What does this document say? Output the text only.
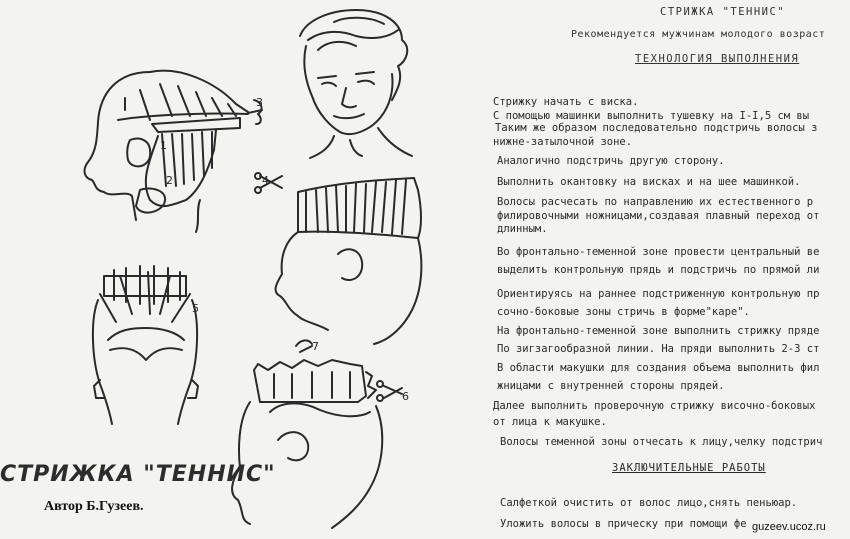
1
2
3
4
5
6
7
СТРИЖКА "ТЕННИС"
Автор Б.Гузеев.
СТРИЖКА "ТЕННИС"
Рекомендуется мужчинам молодого возраст
ТЕХНОЛОГИЯ ВЫПОЛНЕНИЯ
Стрижку начать с виска.
С помощью машинки выполнить тушевку на I-I,5 см вы
Таким же образом последовательно подстричь волосы з
нижне-затылочной зоне.
Аналогично подстричь другую сторону.
Выполнить окантовку на висках и на шее машинкой.
Волосы расчесать по направлению их естественного р
филировочными ножницами,создавая плавный переход от
длинным.
Во фронтально-теменной зоне провести центральный ве
выделить контрольную прядь и подстричь по прямой ли
Ориентируясь на раннее подстриженную контрольную пр
сочно-боковые зоны стричь в форме"каре".
На фронтально-теменной зоне выполнить стрижку пряде
По зигзагообразной линии. На пряди выполнить 2-3 ст
В области макушки для создания объема выполнить фил
жницами с внутренней стороны прядей.
Далее выполнить проверочную стрижку височно-боковых
от лица к макушке.
Волосы теменной зоны отчесать к лицу,челку подстрич
ЗАКЛЮЧИТЕЛЬНЫЕ РАБОТЫ
Салфеткой очистить от волос лицо,снять пеньюар.
Уложить волосы в прическу при помощи фе guzeev.ucoz.ru
